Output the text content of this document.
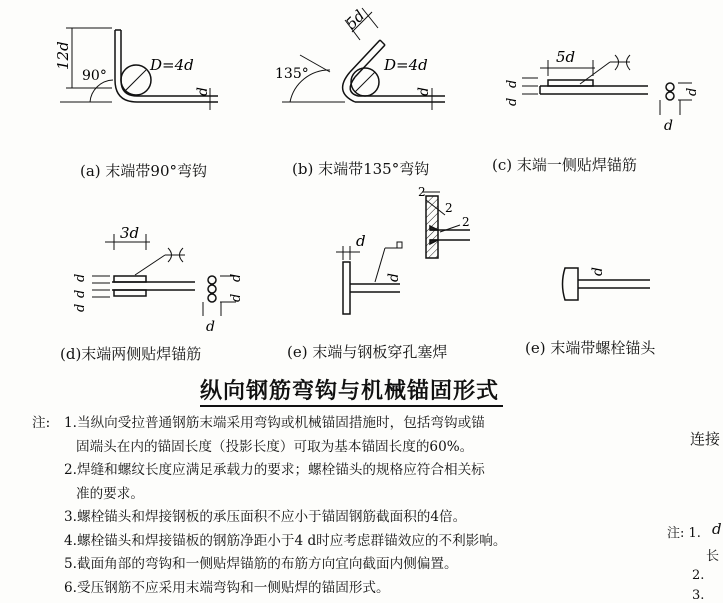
12d
90°
D=4d
d
5d
135°	D=4d
d
5d
d
d
d
d
3d
d
d
d
d
d
d
d
d
2
2
2
d
(a) 末端带90°弯钩	(b) 末端带135°弯钩	(c) 末端一侧贴焊锚筋
(d)末端两侧贴焊锚筋	(e) 末端与钢板穿孔塞焊	(e) 末端带螺栓锚头
纵向钢筋弯钩与机械锚固形式
注: 1.当纵向受拉普通钢筋末端采用弯钩或机械锚固措施时，包括弯钩或锚
固端头在内的锚固长度（投影长度）可取为基本锚固长度的60%。
2.焊缝和螺纹长度应满足承载力的要求；螺栓锚头的规格应符合相关标
准的要求。
3.螺栓锚头和焊接钢板的承压面积不应小于锚固钢筋截面积的4倍。
4.螺栓锚头和焊接锚板的钢筋净距小于4 d时应考虑群锚效应的不利影响。
5.截面角部的弯钩和一侧贴焊锚筋的布筋方向宜向截面内侧偏置。
6.受压钢筋不应采用末端弯钩和一侧贴焊的锚固形式。
连接
注: 1. d
长
2.
3.
